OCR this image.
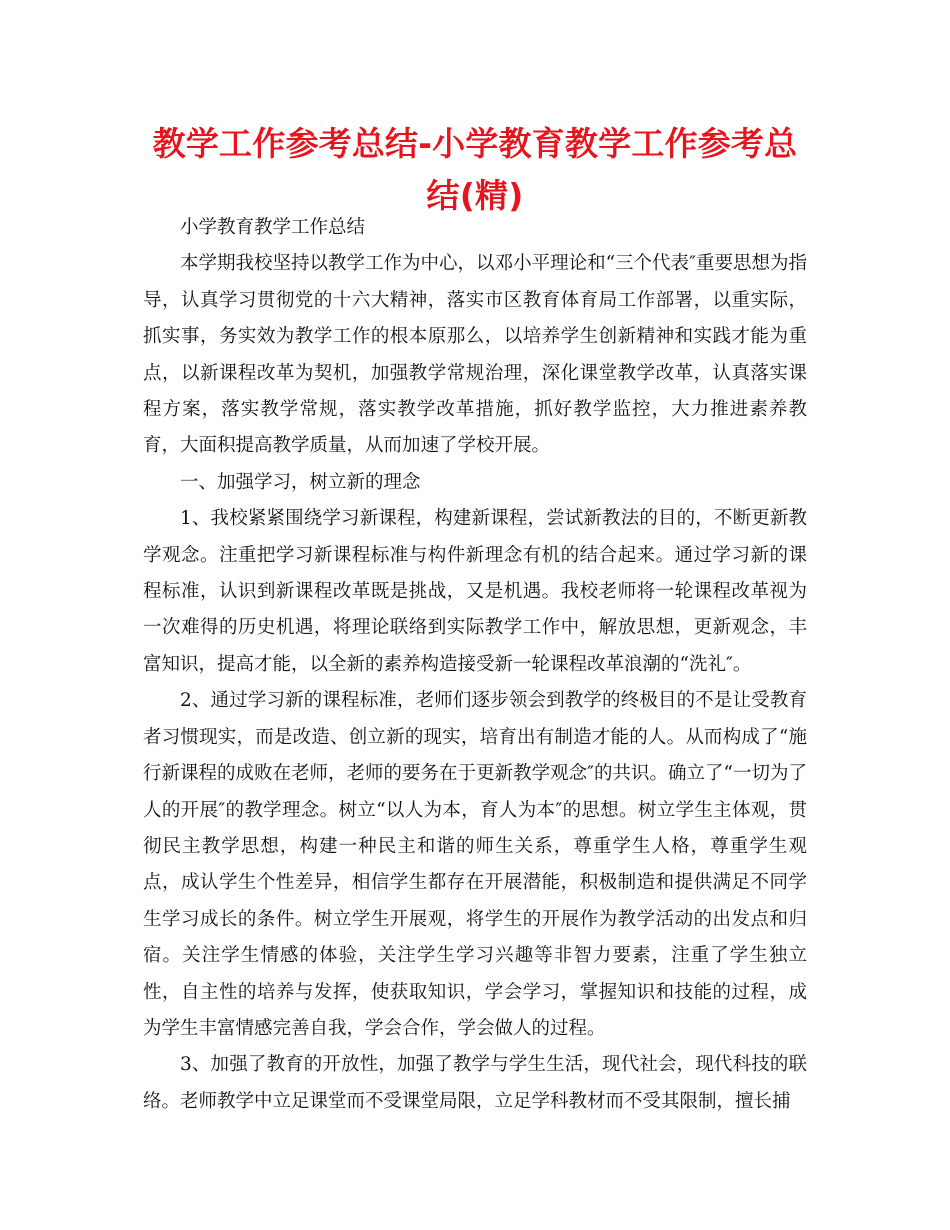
教学工作参考总结-小学教育教学工作参考总结(精)

小学教育教学工作总结

本学期我校坚持以教学工作为中心，以邓小平理论和“三个代表″重要思想为指导，认真学习贯彻党的十六大精神，落实市区教育体育局工作部署，以重实际，抓实事，务实效为教学工作的根本原那么，以培养学生创新精神和实践才能为重点，以新课程改革为契机，加强教学常规治理，深化课堂教学改革，认真落实课程方案，落实教学常规，落实教学改革措施，抓好教学监控，大力推进素养教育，大面积提高教学质量，从而加速了学校开展。

一、加强学习，树立新的理念

1、我校紧紧围绕学习新课程，构建新课程，尝试新教法的目的，不断更新教学观念。注重把学习新课程标准与构件新理念有机的结合起来。通过学习新的课程标准，认识到新课程改革既是挑战，又是机遇。我校老师将一轮课程改革视为一次难得的历史机遇，将理论联络到实际教学工作中，解放思想，更新观念，丰富知识，提高才能，以全新的素养构造接受新一轮课程改革浪潮的“洗礼″。

2、通过学习新的课程标准，老师们逐步领会到教学的终极目的不是让受教育者习惯现实，而是改造、创立新的现实，培育出有制造才能的人。从而构成了“施行新课程的成败在老师，老师的要务在于更新教学观念″的共识。确立了“一切为了人的开展″的教学理念。树立“以人为本，育人为本″的思想。树立学生主体观，贯彻民主教学思想，构建一种民主和谐的师生关系，尊重学生人格，尊重学生观点，成认学生个性差异，相信学生都存在开展潜能，积极制造和提供满足不同学生学习成长的条件。树立学生开展观，将学生的开展作为教学活动的出发点和归宿。关注学生情感的体验，关注学生学习兴趣等非智力要素，注重了学生独立性，自主性的培养与发挥，使获取知识，学会学习，掌握知识和技能的过程，成为学生丰富情感完善自我，学会合作，学会做人的过程。

3、加强了教育的开放性，加强了教学与学生生活，现代社会，现代科技的联络。老师教学中立足课堂而不受课堂局限，立足学科教材而不受其限制，擅长捕
